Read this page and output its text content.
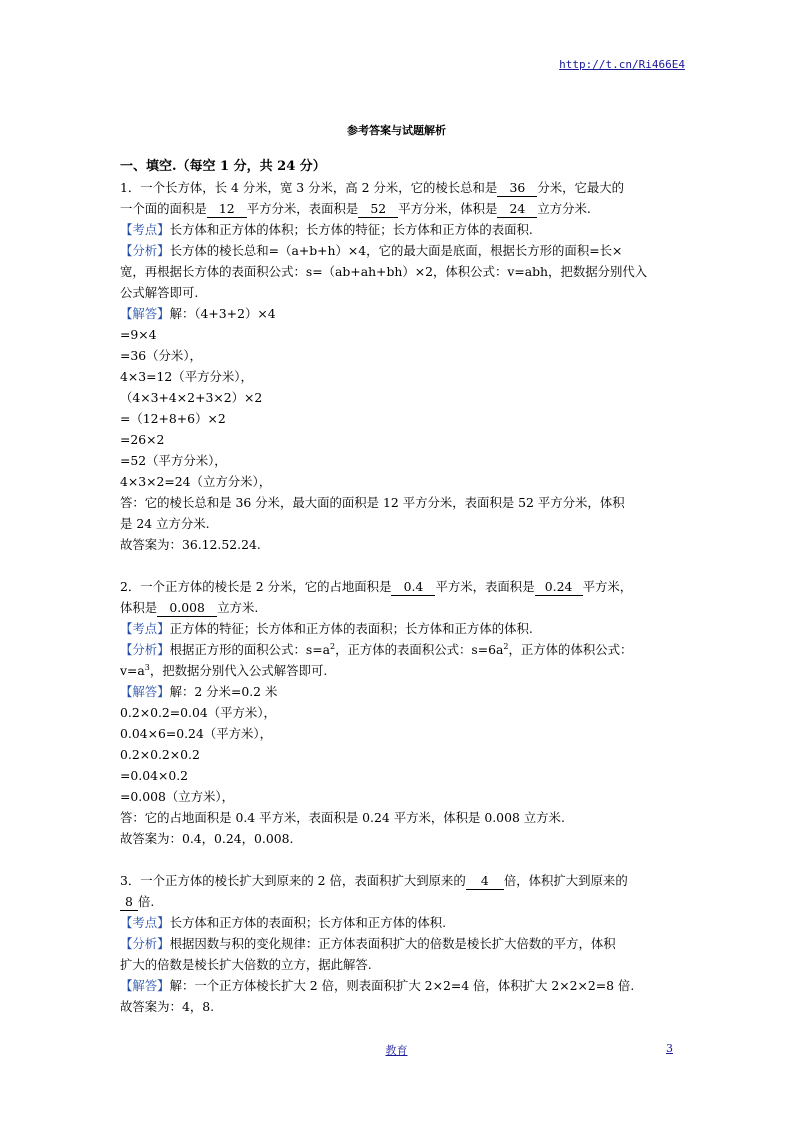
http://t.cn/Ri466E4
参考答案与试题解析

一、填空.（每空 1 分，共 24 分）

1．一个长方体，长 4 分米，宽 3 分米，高 2 分米，它的棱长总和是 36 分米，它最大的

一个面的面积是 12 平方分米，表面积是 52 平方分米，体积是 24 立方分米.

【考点】长方体和正方体的体积；长方体的特征；长方体和正方体的表面积.

【分析】长方体的棱长总和=（a+b+h）×4，它的最大面是底面，根据长方形的面积=长×

宽，再根据长方体的表面积公式：s=（ab+ah+bh）×2，体积公式：v=abh，把数据分别代入

公式解答即可.

【解答】解：（4+3+2）×4

=9×4

=36（分米），

4×3=12（平方分米），

（4×3+4×2+3×2）×2

=（12+8+6）×2

=26×2

=52（平方分米），

4×3×2=24（立方分米），

答：它的棱长总和是 36 分米，最大面的面积是 12 平方分米，表面积是 52 平方分米，体积

是 24 立方分米.

故答案为：36.12.52.24.

2．一个正方体的棱长是 2 分米，它的占地面积是 0.4 平方米，表面积是 0.24 平方米，

体积是 0.008 立方米.

【考点】正方体的特征；长方体和正方体的表面积；长方体和正方体的体积.

【分析】根据正方形的面积公式：$s=a^2$，正方体的表面积公式：$s=6a^2$，正方体的体积公式：

$v=a^3$，把数据分别代入公式解答即可.

【解答】解：2 分米=0.2 米

0.2×0.2=0.04（平方米），

0.04×6=0.24（平方米），

0.2×0.2×0.2

=0.04×0.2

=0.008（立方米），

答：它的占地面积是 0.4 平方米，表面积是 0.24 平方米，体积是 0.008 立方米.

故答案为：0.4，0.24，0.008.

3．一个正方体的棱长扩大到原来的 2 倍，表面积扩大到原来的 4 倍，体积扩大到原来的

8 倍.

【考点】长方体和正方体的表面积；长方体和正方体的体积.

【分析】根据因数与积的变化规律：正方体表面积扩大的倍数是棱长扩大倍数的平方，体积

扩大的倍数是棱长扩大倍数的立方，据此解答.

【解答】解：一个正方体棱长扩大 2 倍，则表面积扩大 2×2=4 倍，体积扩大 2×2×2=8 倍.

故答案为：4，8.

教育	3
